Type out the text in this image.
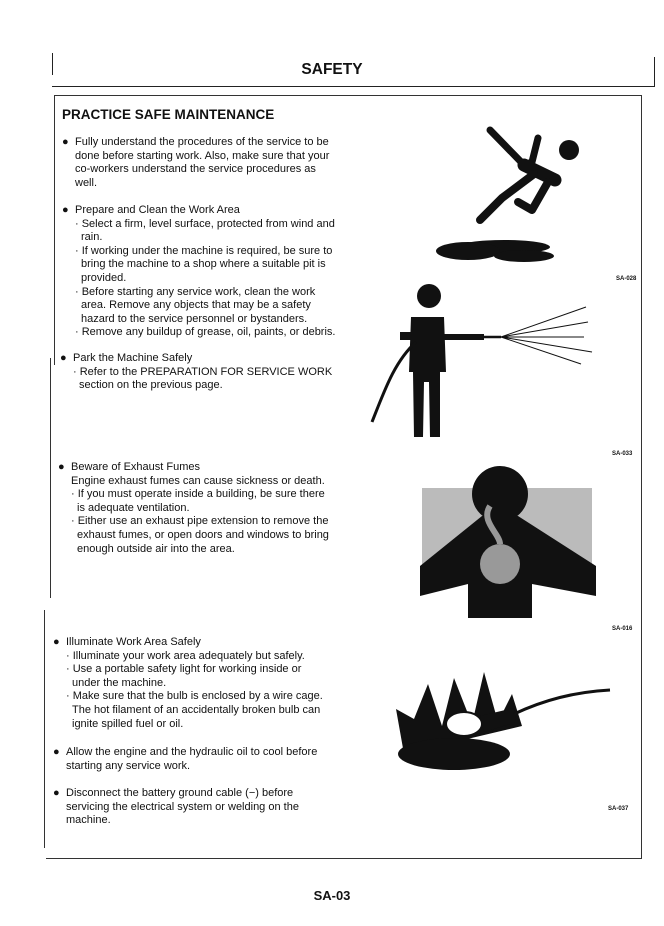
SAFETY
PRACTICE SAFE MAINTENANCE
● Fully understand the procedures of the service to be
done before starting work. Also, make sure that your
co-workers understand the service procedures as
well.
● Prepare and Clean the Work Area
· Select a firm, level surface, protected from wind and
rain.
· If working under the machine is required, be sure to
bring the machine to a shop where a suitable pit is
provided.
· Before starting any service work, clean the work
area. Remove any objects that may be a safety
hazard to the service personnel or bystanders.
· Remove any buildup of grease, oil, paints, or debris.
● Park the Machine Safely
· Refer to the PREPARATION FOR SERVICE WORK
section on the previous page.
● Beware of Exhaust Fumes
Engine exhaust fumes can cause sickness or death.
· If you must operate inside a building, be sure there
is adequate ventilation.
· Either use an exhaust pipe extension to remove the
exhaust fumes, or open doors and windows to bring
enough outside air into the area.
● Illuminate Work Area Safely
· Illuminate your work area adequately but safely.
· Use a portable safety light for working inside or
under the machine.
· Make sure that the bulb is enclosed by a wire cage.
The hot filament of an accidentally broken bulb can
ignite spilled fuel or oil.
● Allow the engine and the hydraulic oil to cool before
starting any service work.
● Disconnect the battery ground cable (−) before
servicing the electrical system or welding on the
machine.
SA-028
SA-033
SA-016
SA-037
SA-03
